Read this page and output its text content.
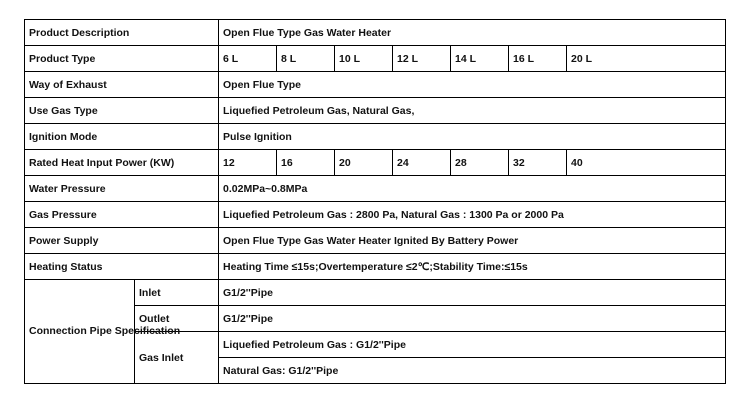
Product Description		Open Flue Type Gas Water Heater						
Product Type		6 L	8 L	10 L	12 L	14 L	16 L	20 L
Way of Exhaust		Open Flue Type						
Use Gas Type		Liquefied Petroleum Gas, Natural Gas,						
Ignition Mode		Pulse Ignition						
Rated Heat Input Power (KW)		12	16	20	24	28	32	40
Water Pressure		0.02MPa~0.8MPa						
Gas Pressure		Liquefied Petroleum Gas : 2800 Pa, Natural Gas : 1300 Pa or 2000 Pa						
Power Supply		Open Flue Type Gas Water Heater Ignited By Battery Power						
Heating Status		Heating Time ≤15s;Overtemperature ≤2℃;Stability Time:≤15s						
Connection Pipe Specification	Inlet	G1/2''Pipe						
	Outlet	G1/2''Pipe						
	Gas Inlet	Liquefied Petroleum Gas : G1/2''Pipe						
		Natural Gas: G1/2''Pipe						
